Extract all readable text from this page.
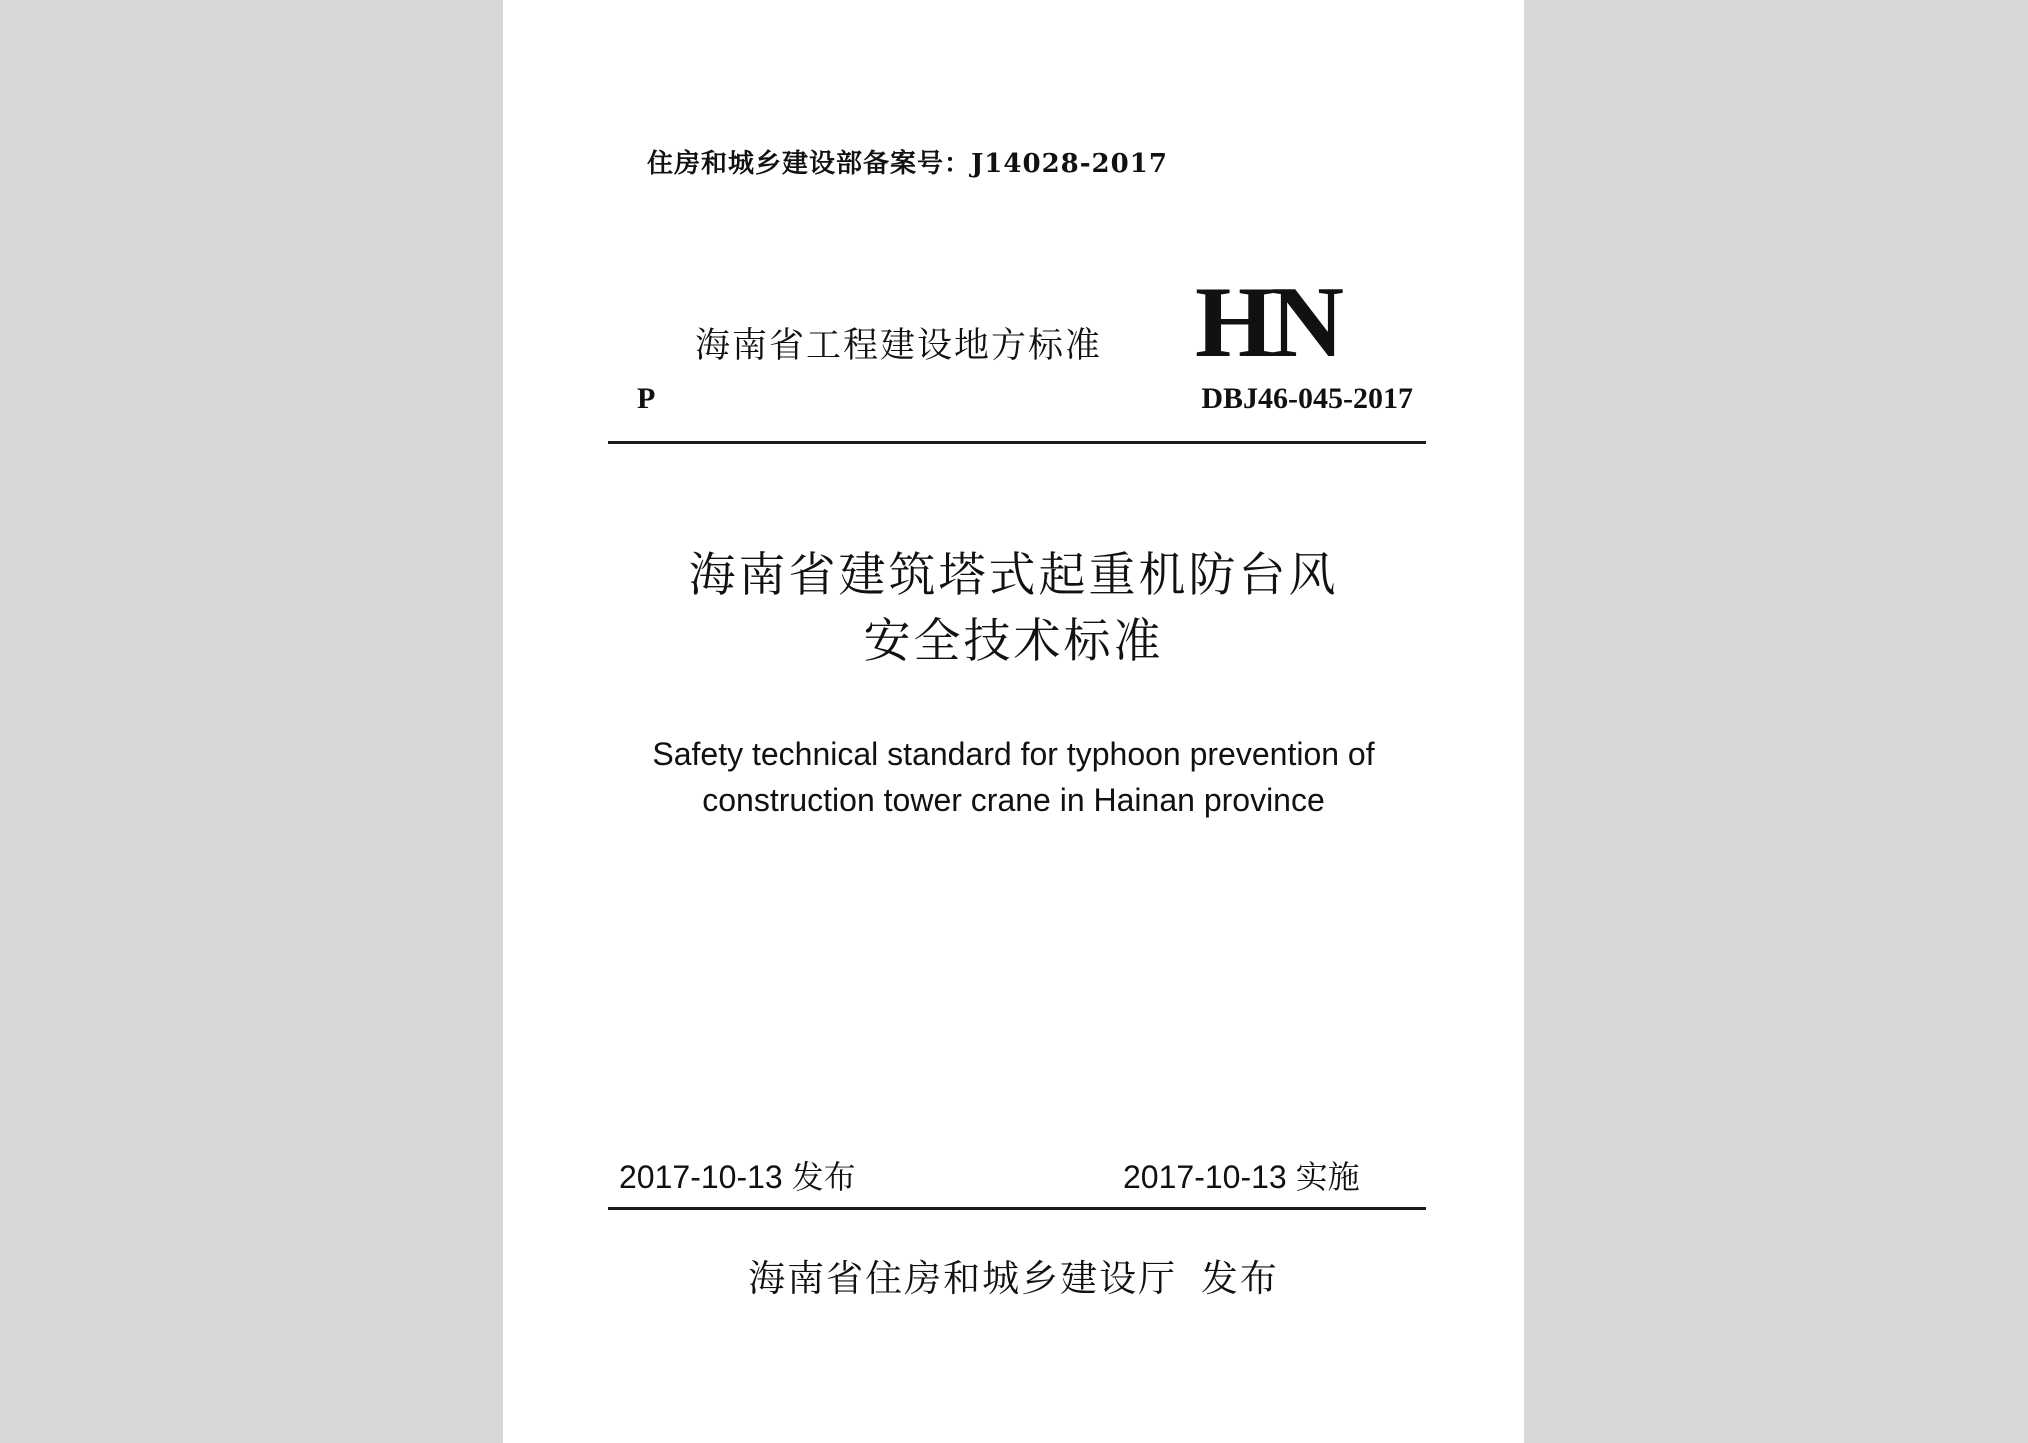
住房和城乡建设部备案号：J14028-2017
海南省工程建设地方标准 HN
P	DBJ46-045-2017
海南省建筑塔式起重机防台风
安全技术标准
Safety technical standard for typhoon prevention of
construction tower crane in Hainan province
2017-10-13 发布	2017-10-13 实施
海南省住房和城乡建设厅 发布
